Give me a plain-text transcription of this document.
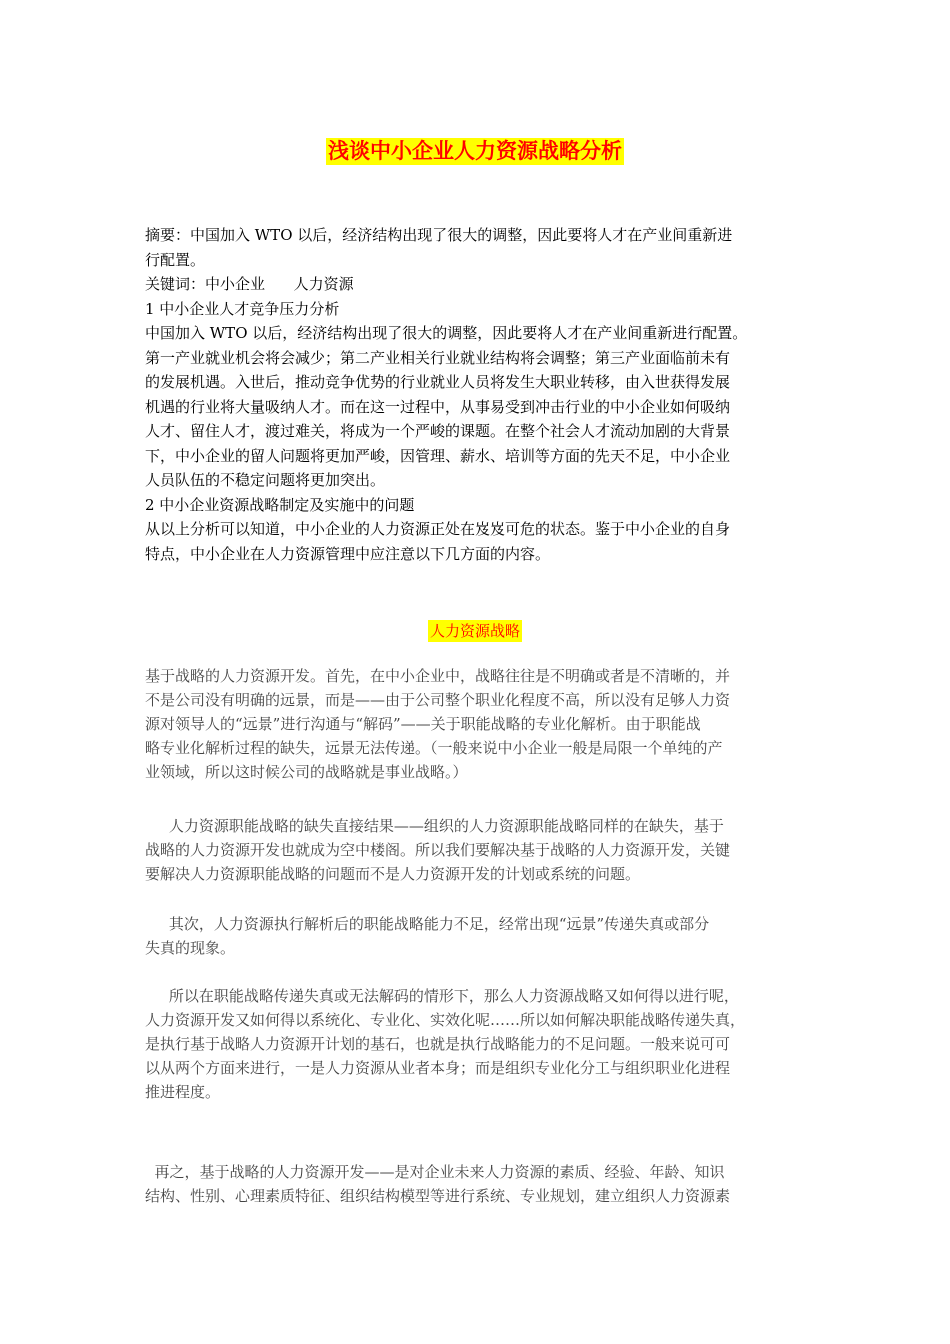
浅谈中小企业人力资源战略分析
摘要：中国加入 WTO 以后，经济结构出现了很大的调整，因此要将人才在产业间重新进
行配置。
关键词：中小企业      人力资源
1 中小企业人才竞争压力分析
中国加入 WTO 以后，经济结构出现了很大的调整，因此要将人才在产业间重新进行配置。
第一产业就业机会将会减少；第二产业相关行业就业结构将会调整；第三产业面临前未有
的发展机遇。入世后，推动竞争优势的行业就业人员将发生大职业转移，由入世获得发展
机遇的行业将大量吸纳人才。而在这一过程中，从事易受到冲击行业的中小企业如何吸纳
人才、留住人才，渡过难关，将成为一个严峻的课题。在整个社会人才流动加剧的大背景
下，中小企业的留人问题将更加严峻，因管理、薪水、培训等方面的先天不足，中小企业
人员队伍的不稳定问题将更加突出。
2 中小企业资源战略制定及实施中的问题
从以上分析可以知道，中小企业的人力资源正处在岌岌可危的状态。鉴于中小企业的自身
特点，中小企业在人力资源管理中应注意以下几方面的内容。
人力资源战略
基于战略的人力资源开发。首先，在中小企业中，战略往往是不明确或者是不清晰的，并
不是公司没有明确的远景，而是——由于公司整个职业化程度不高，所以没有足够人力资
源对领导人的“远景”进行沟通与“解码”——关于职能战略的专业化解析。由于职能战
略专业化解析过程的缺失，远景无法传递。（一般来说中小企业一般是局限一个单纯的产
业领域，所以这时候公司的战略就是事业战略。）
人力资源职能战略的缺失直接结果——组织的人力资源职能战略同样的在缺失，基于
战略的人力资源开发也就成为空中楼阁。所以我们要解决基于战略的人力资源开发，关键
要解决人力资源职能战略的问题而不是人力资源开发的计划或系统的问题。
其次，人力资源执行解析后的职能战略能力不足，经常出现“远景”传递失真或部分
失真的现象。
所以在职能战略传递失真或无法解码的情形下，那么人力资源战略又如何得以进行呢，
人力资源开发又如何得以系统化、专业化、实效化呢……所以如何解决职能战略传递失真，
是执行基于战略人力资源开计划的基石，也就是执行战略能力的不足问题。一般来说可可
以从两个方面来进行，一是人力资源从业者本身；而是组织专业化分工与组织职业化进程
推进程度。
再之，基于战略的人力资源开发——是对企业未来人力资源的素质、经验、年龄、知识
结构、性别、心理素质特征、组织结构模型等进行系统、专业规划，建立组织人力资源素
